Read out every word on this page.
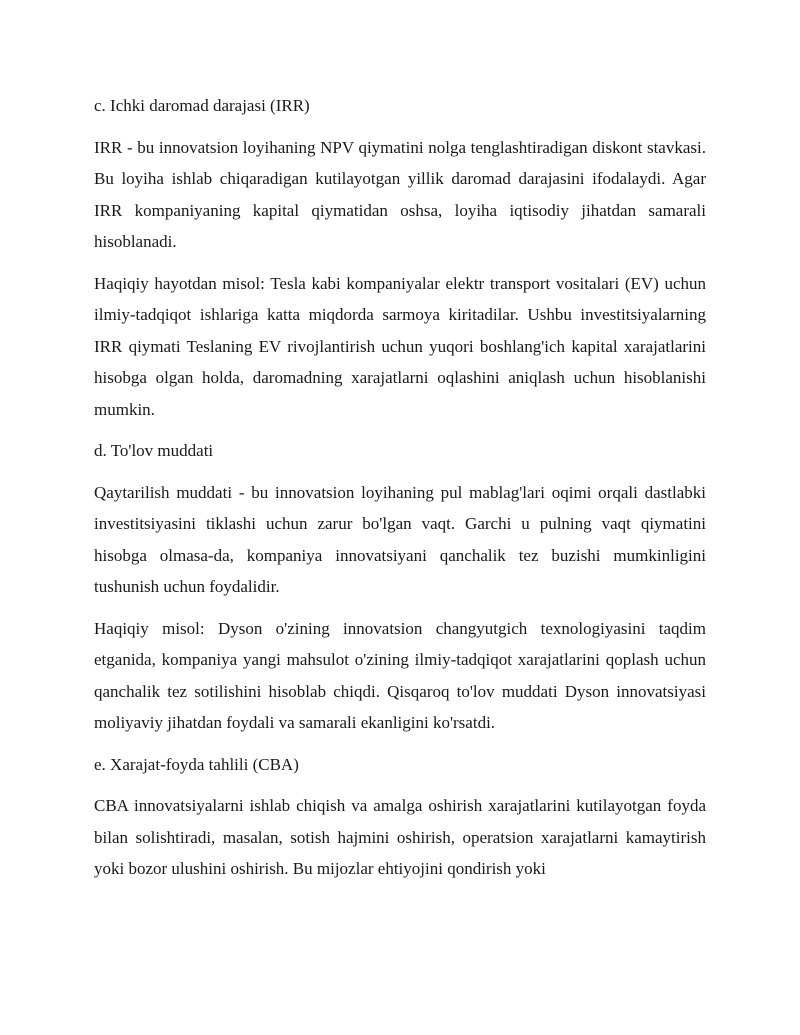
c. Ichki daromad darajasi (IRR)

IRR - bu innovatsion loyihaning NPV qiymatini nolga tenglashtiradigan diskont stavkasi. Bu loyiha ishlab chiqaradigan kutilayotgan yillik daromad darajasini ifodalaydi. Agar IRR kompaniyaning kapital qiymatidan oshsa, loyiha iqtisodiy jihatdan samarali hisoblanadi.

Haqiqiy hayotdan misol: Tesla kabi kompaniyalar elektr transport vositalari (EV) uchun ilmiy-tadqiqot ishlariga katta miqdorda sarmoya kiritadilar. Ushbu investitsiyalarning IRR qiymati Teslaning EV rivojlantirish uchun yuqori boshlang'ich kapital xarajatlarini hisobga olgan holda, daromadning xarajatlarni oqlashini aniqlash uchun hisoblanishi mumkin.

d. To'lov muddati

Qaytarilish muddati - bu innovatsion loyihaning pul mablag'lari oqimi orqali dastlabki investitsiyasini tiklashi uchun zarur bo'lgan vaqt. Garchi u pulning vaqt qiymatini hisobga olmasa-da, kompaniya innovatsiyani qanchalik tez buzishi mumkinligini tushunish uchun foydalidir.

Haqiqiy misol: Dyson o'zining innovatsion changyutgich texnologiyasini taqdim etganida, kompaniya yangi mahsulot o'zining ilmiy-tadqiqot xarajatlarini qoplash uchun qanchalik tez sotilishini hisoblab chiqdi. Qisqaroq to'lov muddati Dyson innovatsiyasi moliyaviy jihatdan foydali va samarali ekanligini ko'rsatdi.

e. Xarajat-foyda tahlili (CBA)

CBA innovatsiyalarni ishlab chiqish va amalga oshirish xarajatlarini kutilayotgan foyda bilan solishtiradi, masalan, sotish hajmini oshirish, operatsion xarajatlarni kamaytirish yoki bozor ulushini oshirish. Bu mijozlar ehtiyojini qondirish yoki
